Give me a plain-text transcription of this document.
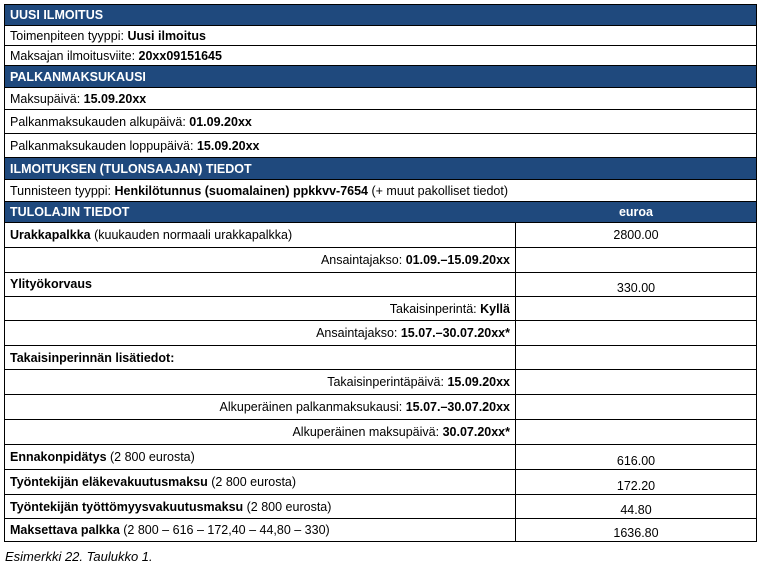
UUSI ILMOITUS
Toimenpiteen tyyppi: Uusi ilmoitus
Maksajan ilmoitusviite: 20xx09151645
PALKANMAKSUKAUSI
Maksupäivä: 15.09.20xx
Palkanmaksukauden alkupäivä: 01.09.20xx
Palkanmaksukauden loppupäivä: 15.09.20xx
ILMOITUKSEN (TULONSAAJAN) TIEDOT
Tunnisteen tyyppi: Henkilötunnus (suomalainen) ppkkvv-7654 (+ muut pakolliset tiedot)
TULOLAJIN TIEDOT	euroa
Urakkapalkka (kuukauden normaali urakkapalkka)	2800.00
Ansaintajakso: 01.09.–15.09.20xx
Ylityökorvaus	330.00
Takaisinperintä: Kyllä
Ansaintajakso: 15.07.–30.07.20xx*
Takaisinperinnän lisätiedot:
Takaisinperintäpäivä: 15.09.20xx
Alkuperäinen palkanmaksukausi: 15.07.–30.07.20xx
Alkuperäinen maksupäivä: 30.07.20xx*
Ennakonpidätys (2 800 eurosta)	616.00
Työntekijän eläkevakuutusmaksu (2 800 eurosta)	172.20
Työntekijän työttömyysvakuutusmaksu (2 800 eurosta)	44.80
Maksettava palkka (2 800 – 616 – 172,40 – 44,80 – 330)	1636.80
Esimerkki 22. Taulukko 1.
